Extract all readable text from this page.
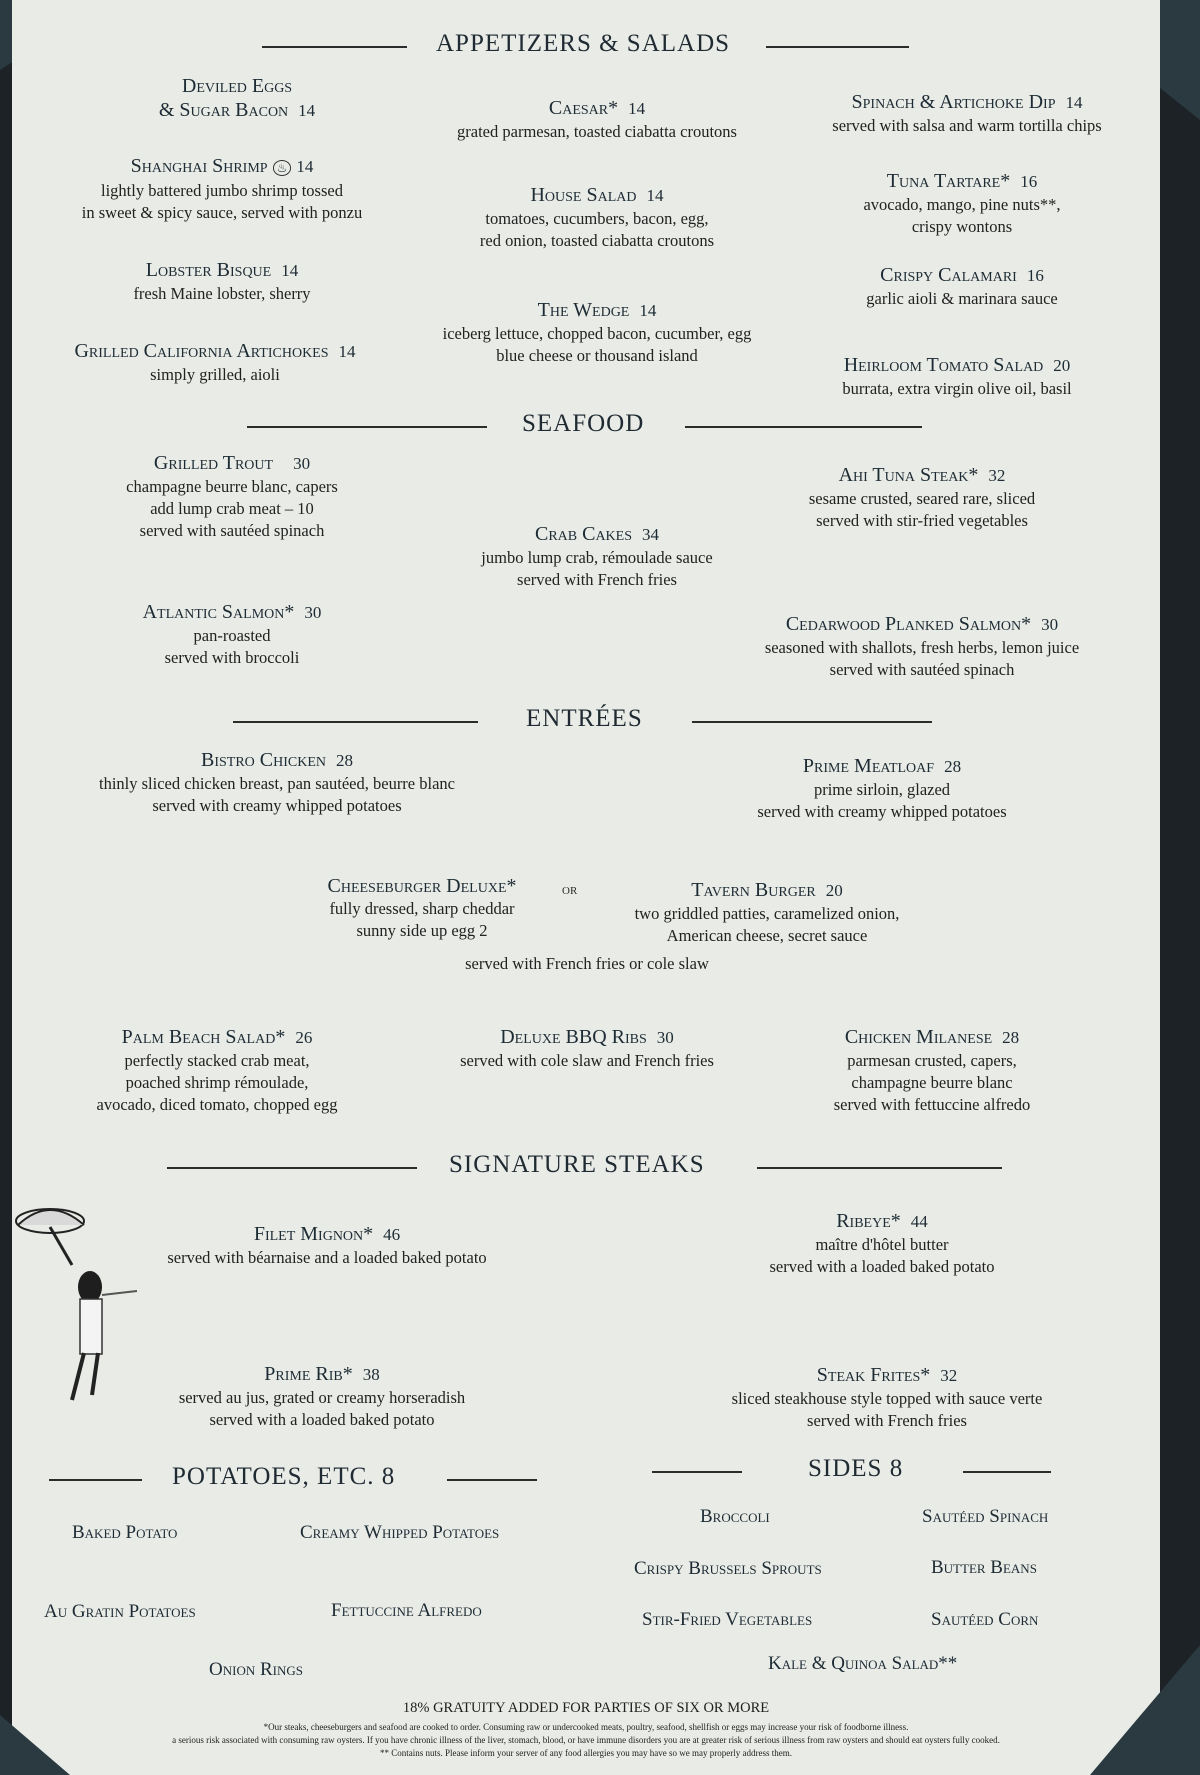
APPETIZERS & SALADS
Deviled Eggs
& Sugar Bacon 14	Caesar* 14
grated parmesan, toasted ciabatta croutons
Spinach & Artichoke Dip 14
served with salsa and warm tortilla chips
Shanghai Shrimp ♨ 14
lightly battered jumbo shrimp tossed
in sweet & spicy sauce, served with ponzu
House Salad 14
tomatoes, cucumbers, bacon, egg,
red onion, toasted ciabatta croutons
Tuna Tartare* 16
avocado, mango, pine nuts**,
crispy wontons
Lobster Bisque 14
fresh Maine lobster, sherry
Crispy Calamari 16
garlic aioli & marinara sauce
The Wedge 14
iceberg lettuce, chopped bacon, cucumber, egg
blue cheese or thousand island
Grilled California Artichokes 14
simply grilled, aioli	Heirloom Tomato Salad 20
burrata, extra virgin olive oil, basil
SEAFOOD
Grilled Trout 30
champagne beurre blanc, capers
add lump crab meat – 10
served with sautéed spinach
Ahi Tuna Steak* 32
sesame crusted, seared rare, sliced
served with stir-fried vegetables
Crab Cakes 34
jumbo lump crab, rémoulade sauce
served with French fries
Atlantic Salmon* 30
pan-roasted
served with broccoli
Cedarwood Planked Salmon* 30
seasoned with shallots, fresh herbs, lemon juice
served with sautéed spinach
ENTRÉES
Bistro Chicken 28
thinly sliced chicken breast, pan sautéed, beurre blanc
served with creamy whipped potatoes
Prime Meatloaf 28
prime sirloin, glazed
served with creamy whipped potatoes
Cheeseburger Deluxe*
fully dressed, sharp cheddar
sunny side up egg 2
or	Tavern Burger 20
two griddled patties, caramelized onion,
American cheese, secret sauce
served with French fries or cole slaw
Palm Beach Salad* 26
perfectly stacked crab meat,
poached shrimp rémoulade,
avocado, diced tomato, chopped egg
Deluxe BBQ Ribs 30
served with cole slaw and French fries
Chicken Milanese 28
parmesan crusted, capers,
champagne beurre blanc
served with fettuccine alfredo
SIGNATURE STEAKS
Filet Mignon* 46
served with béarnaise and a loaded baked potato
Ribeye* 44
maître d'hôtel butter
served with a loaded baked potato
Prime Rib* 38
served au jus, grated or creamy horseradish
served with a loaded baked potato
Steak Frites* 32
sliced steakhouse style topped with sauce verte
served with French fries
POTATOES, ETC. 8
Baked Potato	Creamy Whipped Potatoes
Au Gratin Potatoes	Fettuccine Alfredo
Onion Rings
SIDES 8
Broccoli	Sautéed Spinach
Crispy Brussels Sprouts	Butter Beans
Stir-Fried Vegetables	Sautéed Corn
Kale & Quinoa Salad**
18% GRATUITY ADDED FOR PARTIES OF SIX OR MORE
*Our steaks, cheeseburgers and seafood are cooked to order. Consuming raw or undercooked meats, poultry, seafood, shellfish or eggs may increase your risk of foodborne illness.
a serious risk associated with consuming raw oysters. If you have chronic illness of the liver, stomach, blood, or have immune disorders you are at greater risk of serious illness from raw oysters and should eat oysters fully cooked.
** Contains nuts. Please inform your server of any food allergies you may have so we may properly address them.
